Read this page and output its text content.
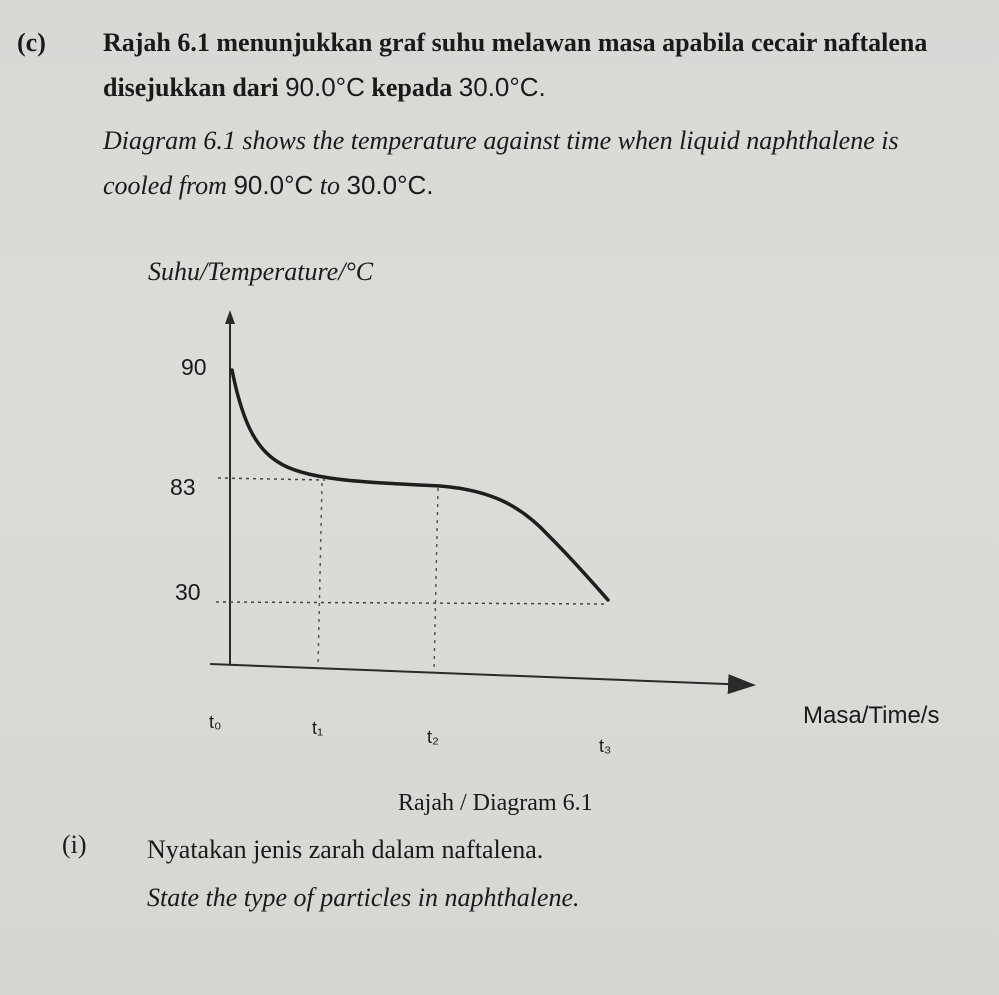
(c) Rajah 6.1 menunjukkan graf suhu melawan masa apabila cecair naftalena
disejukkan dari 90.0°C kepada 30.0°C.
Diagram 6.1 shows the temperature against time when liquid naphthalene is
cooled from 90.0°C to 30.0°C.
Suhu/Temperature/°C
90
83
30
t₀	t₁	t₂	t₃
Masa/Time/s
Rajah / Diagram 6.1
(i) Nyatakan jenis zarah dalam naftalena.
State the type of particles in naphthalene.
